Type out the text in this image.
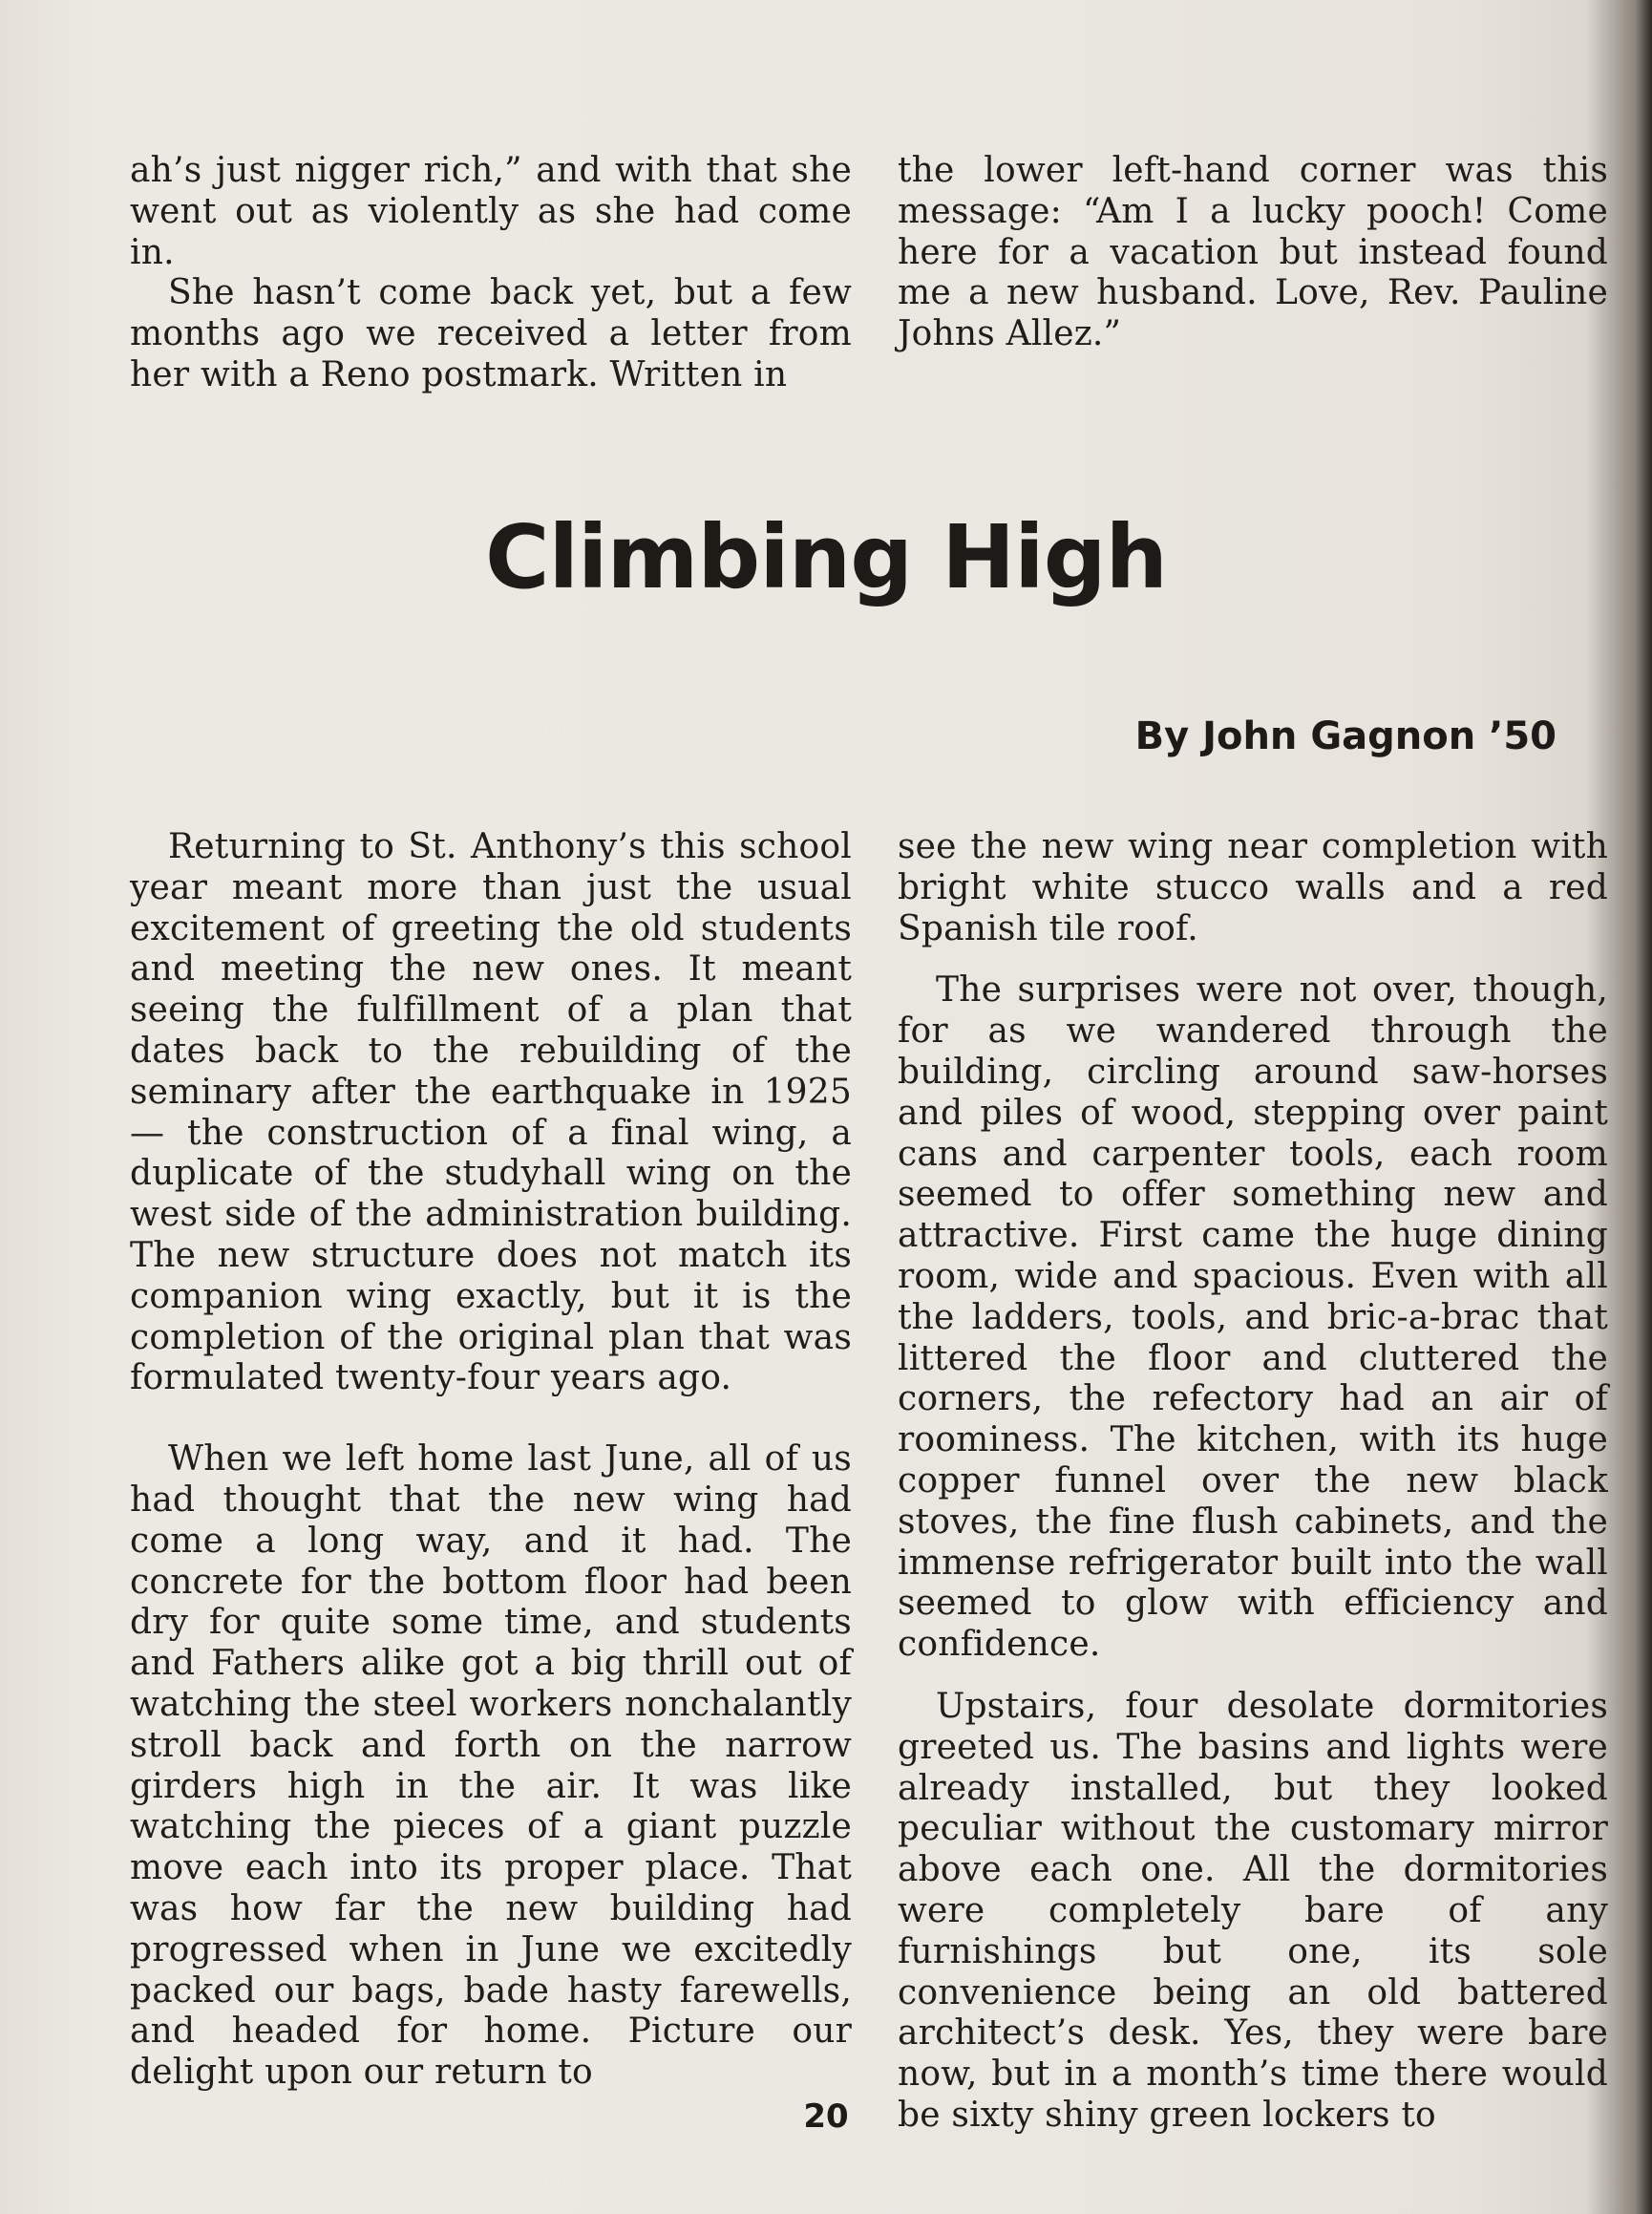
ah’s just nigger rich,” and with that she went out as violently as she had come in.

She hasn’t come back yet, but a few months ago we received a letter from her with a Reno postmark. Written in

the lower left-hand corner was this message: “Am I a lucky pooch! Come here for a vacation but instead found me a new husband. Love, Rev. Pauline Johns Allez.”

Climbing High
By John Gagnon ’50

Returning to St. Anthony’s this school year meant more than just the usual excitement of greeting the old students and meeting the new ones. It meant seeing the fulfillment of a plan that dates back to the rebuilding of the seminary after the earthquake in 1925 — the construction of a final wing, a duplicate of the studyhall wing on the west side of the administration building. The new structure does not match its companion wing exactly, but it is the completion of the original plan that was formulated twenty-four years ago.

When we left home last June, all of us had thought that the new wing had come a long way, and it had. The concrete for the bottom floor had been dry for quite some time, and students and Fathers alike got a big thrill out of watching the steel workers nonchalantly stroll back and forth on the narrow girders high in the air. It was like watching the pieces of a giant puzzle move each into its proper place. That was how far the new building had progressed when in June we excitedly packed our bags, bade hasty farewells, and headed for home. Picture our delight upon our return to

see the new wing near completion with bright white stucco walls and a red Spanish tile roof.

The surprises were not over, though, for as we wandered through the building, circling around saw-horses and piles of wood, stepping over paint cans and carpenter tools, each room seemed to offer something new and attractive. First came the huge dining room, wide and spacious. Even with all the ladders, tools, and bric-a-brac that littered the floor and cluttered the corners, the refectory had an air of roominess. The kitchen, with its huge copper funnel over the new black stoves, the fine flush cabinets, and the immense refrigerator built into the wall seemed to glow with efficiency and confidence.

Upstairs, four desolate dormitories greeted us. The basins and lights were already installed, but they looked peculiar without the customary mirror above each one. All the dormitories were completely bare of any furnishings but one, its sole convenience being an old battered architect’s desk. Yes, they were bare now, but in a month’s time there would be sixty shiny green lockers to

20
